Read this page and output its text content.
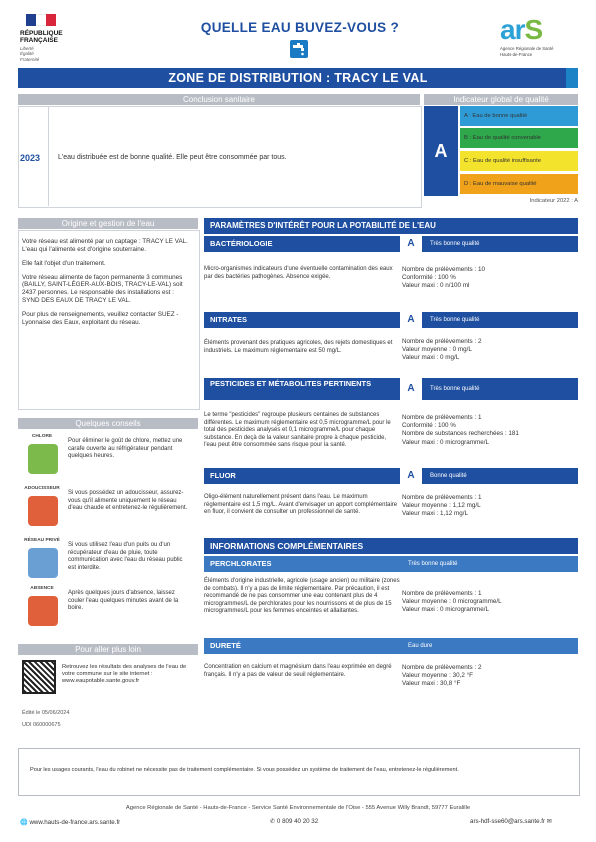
RÉPUBLIQUE
FRANÇAISE
Liberté
Égalité
Fraternité
QUELLE EAU BUVEZ-VOUS ?	arS
Agence Régionale de Santé
Hauts-de-France
ZONE DE DISTRIBUTION : TRACY LE VAL
Conclusion sanitaire
2023	L'eau distribuée est de bonne qualité. Elle peut être consommée par tous.
Indicateur global de qualité
A
A : Eau de bonne qualité
B : Eau de qualité convenable
C : Eau de qualité insuffisante
D : Eau de mauvaise qualité
Indicateur 2022 : A
Origine et gestion de l'eau

Votre réseau est alimenté par un captage : TRACY LE VAL. L'eau qui l'alimente est d'origine souterraine.

Elle fait l'objet d'un traitement.

Votre réseau alimente de façon permanente 3 communes (BAILLY, SAINT-LÉGER-AUX-BOIS, TRACY-LE-VAL) soit 2437 personnes. Le responsable des installations est : SYND DES EAUX DE TRACY LE VAL.

Pour plus de renseignements, veuillez contacter SUEZ - Lyonnaise des Eaux, exploitant du réseau.

Quelques conseils
CHLORE
Pour éliminer le goût de chlore, mettez une carafe ouverte au réfrigérateur pendant quelques heures.
ADOUCISSEUR
Si vous possédez un adoucisseur, assurez-vous qu'il alimente uniquement le réseau d'eau chaude et entretenez-le régulièrement.
RÉSEAU PRIVÉ
Si vous utilisez l'eau d'un puits ou d'un récupérateur d'eau de pluie, toute communication avec l'eau du réseau public est interdite.
ABSENCE
Après quelques jours d'absence, laissez couler l'eau quelques minutes avant de la boire.
Pour aller plus loin
Retrouvez les résultats des analyses de l'eau de votre commune sur le site internet : www.eaupotable.sante.gouv.fr
Édité le 05/06/2024
UDI 060000675
PARAMÈTRES D'INTÉRÊT POUR LA POTABILITÉ DE L'EAU
BACTÉRIOLOGIE	A	Très bonne qualité
Micro-organismes indicateurs d'une éventuelle contamination des eaux par des bactéries pathogènes. Absence exigée.
Nombre de prélèvements : 10
Conformité : 100 %
Valeur maxi : 0 n/100 ml
NITRATES	A	Très bonne qualité
Éléments provenant des pratiques agricoles, des rejets domestiques et industriels. Le maximum réglementaire est 50 mg/L.
Nombre de prélèvements : 2
Valeur moyenne : 0 mg/L
Valeur maxi : 0 mg/L
PESTICIDES ET MÉTABOLITES PERTINENTS	A	Très bonne qualité
Le terme "pesticides" regroupe plusieurs centaines de substances différentes. Le maximum réglementaire est 0,5 microgramme/L pour le total des pesticides analysés et 0,1 microgramme/L pour chaque substance. En deçà de la valeur sanitaire propre à chaque pesticide, l'eau peut être consommée sans risque pour la santé.
Nombre de prélèvements : 1
Conformité : 100 %
Nombre de substances recherchées : 181
Valeur maxi : 0 microgramme/L
FLUOR	A	Bonne qualité
Oligo-élément naturellement présent dans l'eau. Le maximum réglementaire est 1,5 mg/L. Avant d'envisager un apport complémentaire en fluor, il convient de consulter un professionnel de santé.
Nombre de prélèvements : 1
Valeur moyenne : 1,12 mg/L
Valeur maxi : 1,12 mg/L
INFORMATIONS COMPLÉMENTAIRES
PERCHLORATES	Très bonne qualité
Éléments d'origine industrielle, agricole (usage ancien) ou militaire (zones de combats). Il n'y a pas de limite réglementaire. Par précaution, il est recommandé de ne pas consommer une eau contenant plus de 4 microgrammes/L de perchlorates pour les nourrissons et de plus de 15 microgrammes/L pour les femmes enceintes et allaitantes.
Nombre de prélèvements : 1
Valeur moyenne : 0 microgramme/L
Valeur maxi : 0 microgramme/L
DURETÉ	Eau dure
Concentration en calcium et magnésium dans l'eau exprimée en degré français. Il n'y a pas de valeur de seuil réglementaire.
Nombre de prélèvements : 2
Valeur moyenne : 30,2 °F
Valeur maxi : 30,8 °F
Pour les usages courants, l'eau du robinet ne nécessite pas de traitement complémentaire. Si vous possédez un système de traitement de l'eau, entretenez-le régulièrement.
Agence Régionale de Santé - Hauts-de-France - Service Santé Environnementale de l'Oise - 555 Avenue Willy Brandt, 59777 Euralille
🌐 www.hauts-de-france.ars.sante.fr	✆ 0 809 40 20 32	ars-hdf-sse60@ars.sante.fr ✉
